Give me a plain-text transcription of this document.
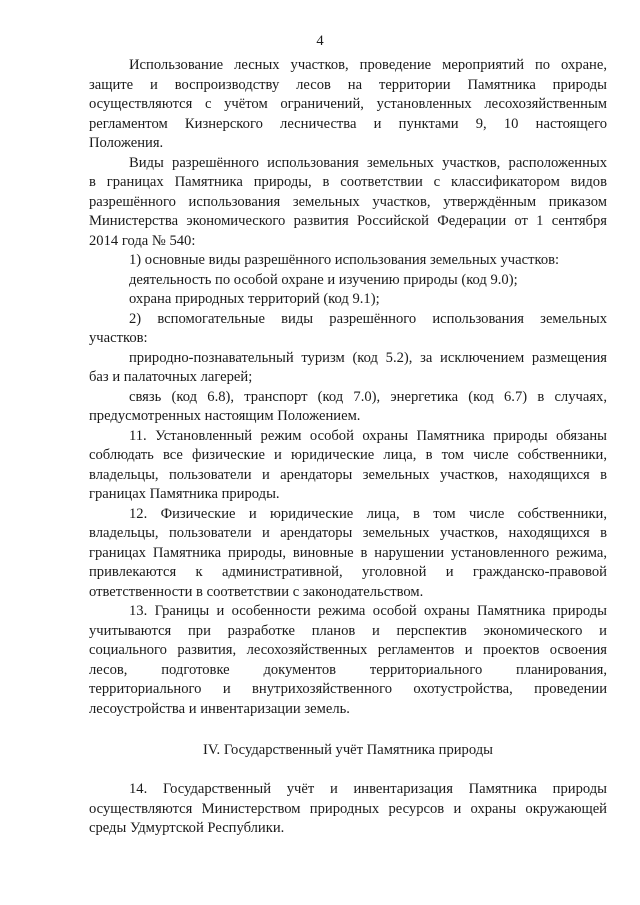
4
Использование лесных участков, проведение мероприятий по охране,
защите и воспроизводству лесов на территории Памятника природы
осуществляются с учётом ограничений, установленных лесохозяйственным
регламентом Кизнерского лесничества и пунктами 9, 10 настоящего
Положения.
Виды разрешённого использования земельных участков, расположенных
в границах Памятника природы, в соответствии с классификатором видов
разрешённого использования земельных участков, утверждённым приказом
Министерства экономического развития Российской Федерации от 1 сентября
2014 года № 540:
1) основные виды разрешённого использования земельных участков:
деятельность по особой охране и изучению природы (код 9.0);
охрана природных территорий (код 9.1);
2) вспомогательные виды разрешённого использования земельных
участков:
природно-познавательный туризм (код 5.2), за исключением размещения
баз и палаточных лагерей;
связь (код 6.8), транспорт (код 7.0), энергетика (код 6.7) в случаях,
предусмотренных настоящим Положением.
11. Установленный режим особой охраны Памятника природы обязаны
соблюдать все физические и юридические лица, в том числе собственники,
владельцы, пользователи и арендаторы земельных участков, находящихся в
границах Памятника природы.
12. Физические и юридические лица, в том числе собственники,
владельцы, пользователи и арендаторы земельных участков, находящихся в
границах Памятника природы, виновные в нарушении установленного режима,
привлекаются к административной, уголовной и гражданско-правовой
ответственности в соответствии с законодательством.
13. Границы и особенности режима особой охраны Памятника природы
учитываются при разработке планов и перспектив экономического и
социального развития, лесохозяйственных регламентов и проектов освоения
лесов, подготовке документов территориального планирования,
территориального и внутрихозяйственного охотустройства, проведении
лесоустройства и инвентаризации земель.
IV. Государственный учёт Памятника природы
14. Государственный учёт и инвентаризация Памятника природы
осуществляются Министерством природных ресурсов и охраны окружающей
среды Удмуртской Республики.
